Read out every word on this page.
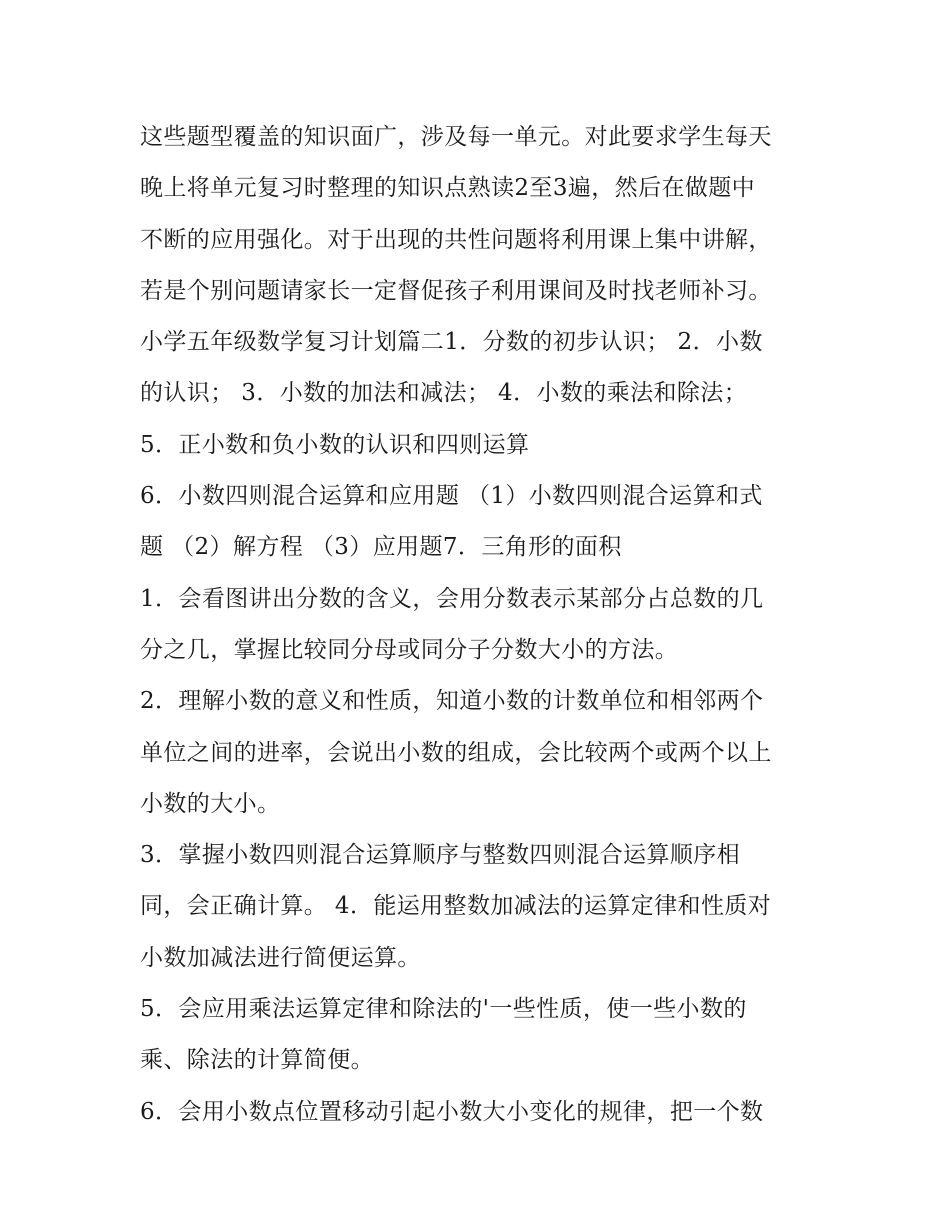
这些题型覆盖的知识面广，涉及每一单元。对此要求学生每天
晚上将单元复习时整理的知识点熟读2至3遍，然后在做题中
不断的应用强化。对于出现的共性问题将利用课上集中讲解，
若是个别问题请家长一定督促孩子利用课间及时找老师补习。
小学五年级数学复习计划篇二1．分数的初步认识； 2．小数
的认识； 3．小数的加法和减法； 4．小数的乘法和除法；
5．正小数和负小数的认识和四则运算
6．小数四则混合运算和应用题 （1）小数四则混合运算和式
题 （2）解方程 （3）应用题7．三角形的面积
1．会看图讲出分数的含义，会用分数表示某部分占总数的几
分之几，掌握比较同分母或同分子分数大小的方法。
2．理解小数的意义和性质，知道小数的计数单位和相邻两个
单位之间的进率，会说出小数的组成，会比较两个或两个以上
小数的大小。
3．掌握小数四则混合运算顺序与整数四则混合运算顺序相
同，会正确计算。 4．能运用整数加减法的运算定律和性质对
小数加减法进行简便运算。
5．会应用乘法运算定律和除法的'一些性质，使一些小数的
乘、除法的计算简便。
6．会用小数点位置移动引起小数大小变化的规律，把一个数
